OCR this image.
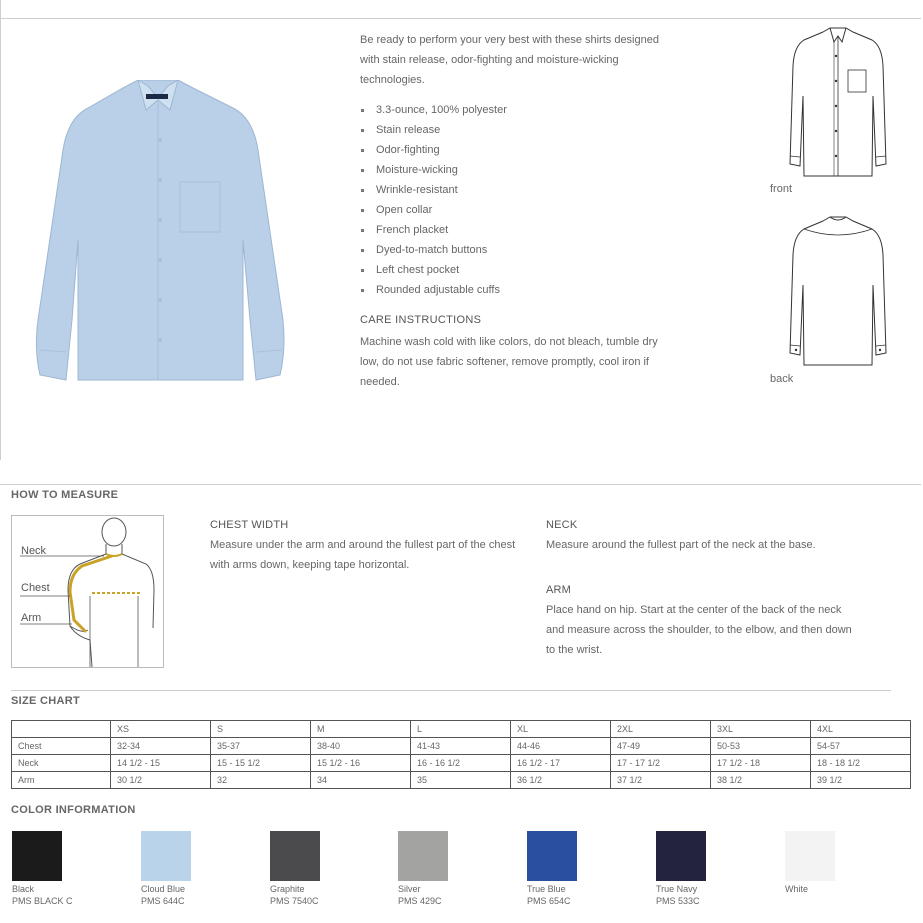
Be ready to perform your very best with these shirts designed with stain release, odor-fighting and moisture-wicking technologies.
3.3-ounce, 100% polyester
Stain release
Odor-fighting
Moisture-wicking
Wrinkle-resistant
Open collar
French placket
Dyed-to-match buttons
Left chest pocket
Rounded adjustable cuffs
CARE INSTRUCTIONS
Machine wash cold with like colors, do not bleach, tumble dry low, do not use fabric softener, remove promptly, cool iron if needed.
front
back
HOW TO MEASURE
Neck
Chest
Arm
CHEST WIDTH
Measure under the arm and around the fullest part of the chest with arms down, keeping tape horizontal.
NECK
Measure around the fullest part of the neck at the base.
ARM
Place hand on hip. Start at the center of the back of the neck and measure across the shoulder, to the elbow, and then down to the wrist.
SIZE CHART
	XS	S	M	L	XL	2XL	3XL	4XL
Chest	32-34	35-37	38-40	41-43	44-46	47-49	50-53	54-57
Neck	14 1/2 - 15	15 - 15 1/2	15 1/2 - 16	16 - 16 1/2	16 1/2 - 17	17 - 17 1/2	17 1/2 - 18	18 - 18 1/2
Arm	30 1/2	32	34	35	36 1/2	37 1/2	38 1/2	39 1/2
COLOR INFORMATION
Black
PMS BLACK C
Cloud Blue
PMS 644C
Graphite
PMS 7540C
Silver
PMS 429C
True Blue
PMS 654C
True Navy
PMS 533C
White
